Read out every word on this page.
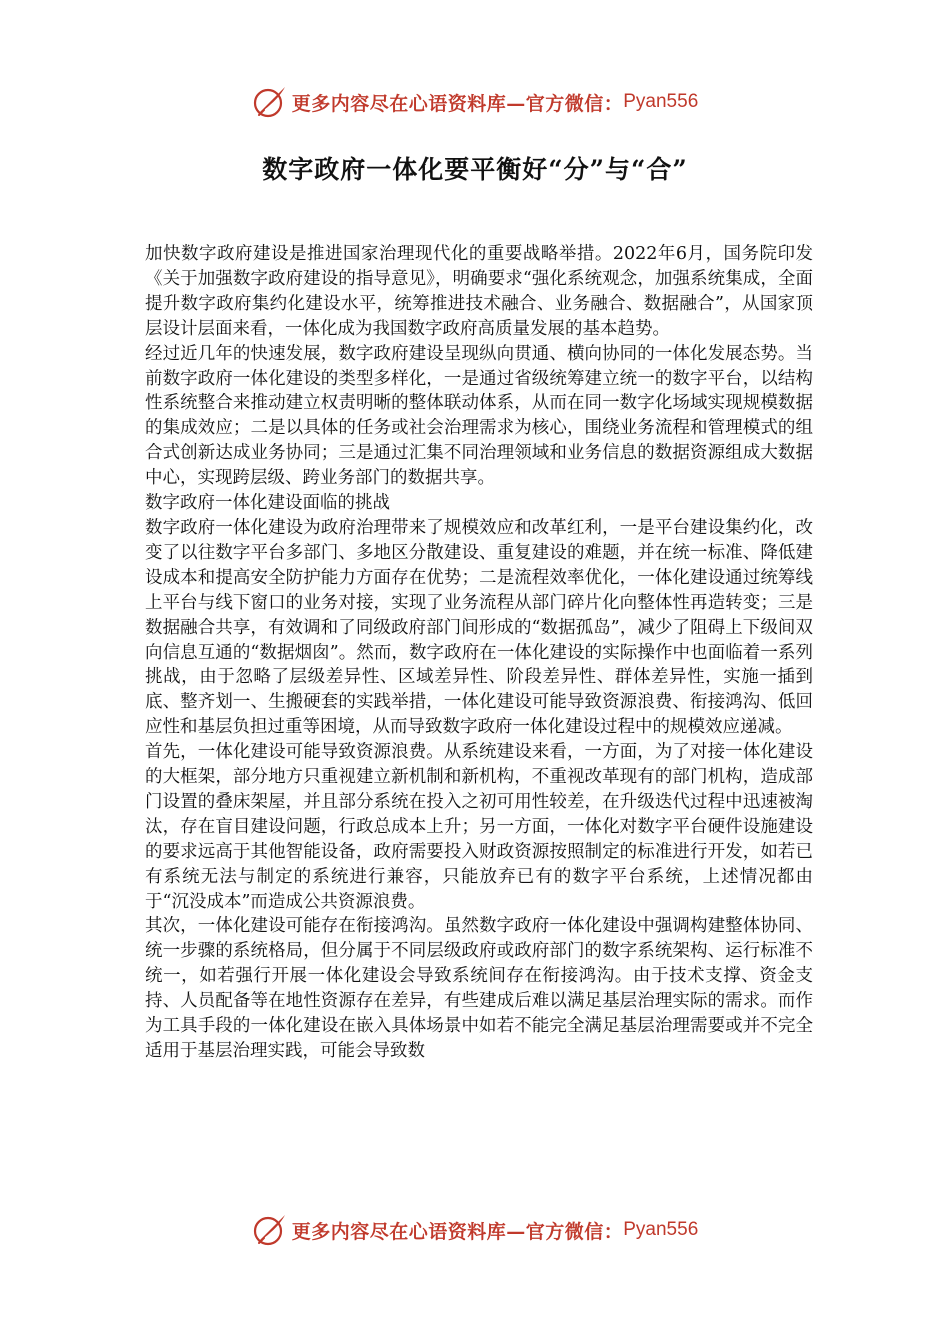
更多内容尽在心语资料库—官方微信： Pyan556
数字政府一体化要平衡好“分”与“合”

加快数字政府建设是推进国家治理现代化的重要战略举措。2022年6月，国务院印发《关于加强数字政府建设的指导意见》，明确要求“强化系统观念，加强系统集成，全面提升数字政府集约化建设水平，统筹推进技术融合、业务融合、数据融合”，从国家顶层设计层面来看，一体化成为我国数字政府高质量发展的基本趋势。

经过近几年的快速发展，数字政府建设呈现纵向贯通、横向协同的一体化发展态势。当前数字政府一体化建设的类型多样化，一是通过省级统筹建立统一的数字平台，以结构性系统整合来推动建立权责明晰的整体联动体系，从而在同一数字化场域实现规模数据的集成效应；二是以具体的任务或社会治理需求为核心，围绕业务流程和管理模式的组合式创新达成业务协同；三是通过汇集不同治理领域和业务信息的数据资源组成大数据中心，实现跨层级、跨业务部门的数据共享。

数字政府一体化建设面临的挑战

数字政府一体化建设为政府治理带来了规模效应和改革红利，一是平台建设集约化，改变了以往数字平台多部门、多地区分散建设、重复建设的难题，并在统一标准、降低建设成本和提高安全防护能力方面存在优势；二是流程效率优化，一体化建设通过统筹线上平台与线下窗口的业务对接，实现了业务流程从部门碎片化向整体性再造转变；三是数据融合共享，有效调和了同级政府部门间形成的“数据孤岛”，减少了阻碍上下级间双向信息互通的“数据烟囱”。然而，数字政府在一体化建设的实际操作中也面临着一系列挑战，由于忽略了层级差异性、区域差异性、阶段差异性、群体差异性，实施一插到底、整齐划一、生搬硬套的实践举措，一体化建设可能导致资源浪费、衔接鸿沟、低回应性和基层负担过重等困境，从而导致数字政府一体化建设过程中的规模效应递减。

首先，一体化建设可能导致资源浪费。从系统建设来看，一方面，为了对接一体化建设的大框架，部分地方只重视建立新机制和新机构，不重视改革现有的部门机构，造成部门设置的叠床架屋，并且部分系统在投入之初可用性较差，在升级迭代过程中迅速被淘汰，存在盲目建设问题，行政总成本上升；另一方面，一体化对数字平台硬件设施建设的要求远高于其他智能设备，政府需要投入财政资源按照制定的标准进行开发，如若已有系统无法与制定的系统进行兼容，只能放弃已有的数字平台系统，上述情况都由于“沉没成本”而造成公共资源浪费。

其次，一体化建设可能存在衔接鸿沟。虽然数字政府一体化建设中强调构建整体协同、统一步骤的系统格局，但分属于不同层级政府或政府部门的数字系统架构、运行标准不统一，如若强行开展一体化建设会导致系统间存在衔接鸿沟。由于技术支撑、资金支持、人员配备等在地性资源存在差异，有些建成后难以满足基层治理实际的需求。而作为工具手段的一体化建设在嵌入具体场景中如若不能完全满足基层治理需要或并不完全适用于基层治理实践，可能会导致数

更多内容尽在心语资料库—官方微信： Pyan556
